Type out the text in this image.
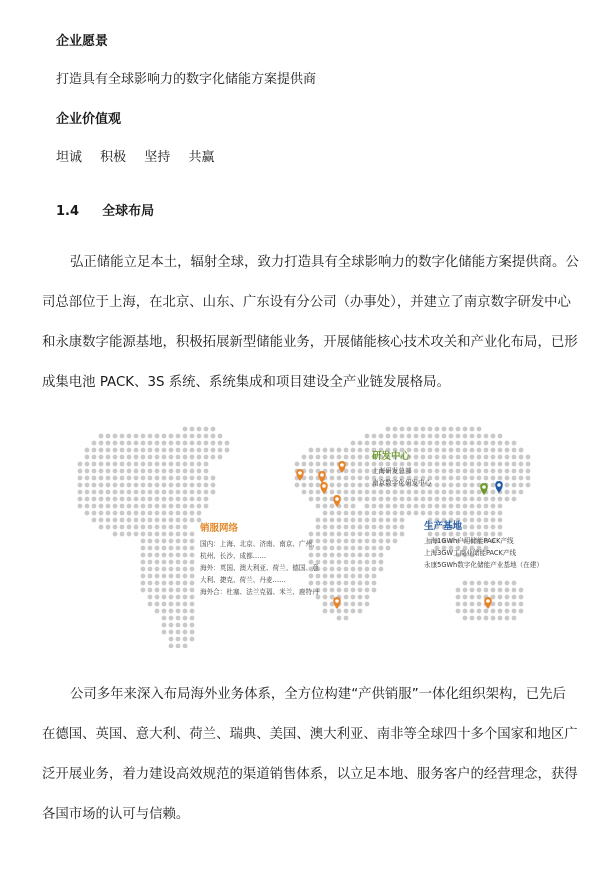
企业愿景
打造具有全球影响力的数字化储能方案提供商
企业价值观
坦诚 积极 坚持 共赢
1.4 全球布局
弘正储能立足本土，辐射全球，致力打造具有全球影响力的数字化储能方案提供商。公
司总部位于上海，在北京、山东、广东设有分公司（办事处），并建立了南京数字研发中心
和永康数字能源基地，积极拓展新型储能业务，开展储能核心技术攻关和产业化布局，已形
成集电池 PACK、3S 系统、系统集成和项目建设全产业链发展格局。
研发中心
上海研发总部
南京数字化研发中心
生产基地
上海1GWh户用储能PACK产线
上海3GW工商业储能PACK产线
永康5GWh数字化储能产业基地（在建）
销服网络
国内：上海、北京、济南、南京、广州、
杭州、长沙、成都……
海外：英国、澳大利亚、荷兰、德国、意
大利、捷克、荷兰、丹麦……
海外合：杜塞、法兰克福、米兰、鹿特丹
公司多年来深入布局海外业务体系，全方位构建“产供销服”一体化组织架构，已先后
在德国、英国、意大利、荷兰、瑞典、美国、澳大利亚、南非等全球四十多个国家和地区广
泛开展业务，着力建设高效规范的渠道销售体系，以立足本地、服务客户的经营理念，获得
各国市场的认可与信赖。
